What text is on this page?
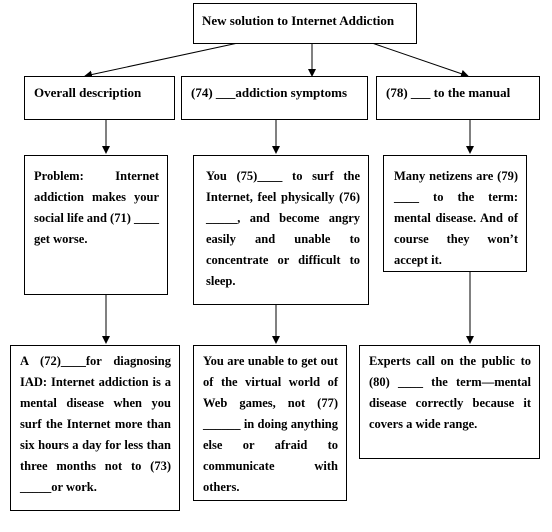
New solution to Internet Addiction
Overall description	(74) ___addiction symptoms	(78) ___ to the manual
Problem: Internet addiction makes your social life and (71) ____ get worse.
You (75)____ to surf the Internet, feel physically (76) _____, and become angry easily and unable to concentrate or difficult to sleep.
Many netizens are (79) ____ to the term: mental disease. And of course they won’t accept it.
A (72)____for diagnosing IAD: Internet addiction is a mental disease when you surf the Internet more than six hours a day for less than three months not to (73) _____or work.
You are unable to get out of the virtual world of Web games, not (77) ______ in doing anything else or afraid to communicate with others.
Experts call on the public to (80) ____ the term—mental disease correctly because it covers a wide range.
